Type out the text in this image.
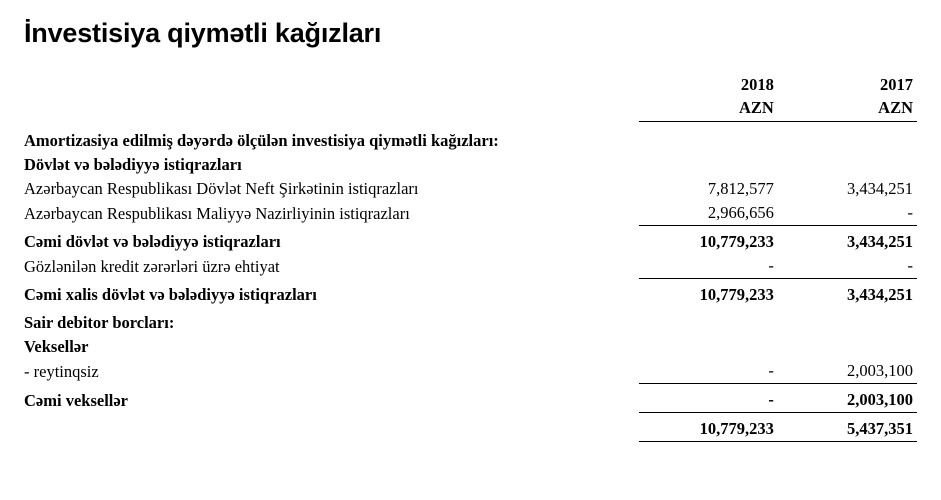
İnvestisiya qiymətli kağızları
	2018	2017
	AZN	AZN

Amortizasiya edilmiş dəyərdə ölçülən investisiya qiymətli kağızları:		
Dövlət və bələdiyyə istiqrazları		
Azərbaycan Respublikası Dövlət Neft Şirkətinin istiqrazları	7,812,577	3,434,251
Azərbaycan Respublikası Maliyyə Nazirliyinin istiqrazları	2,966,656	-

Cəmi dövlət və bələdiyyə istiqrazları	10,779,233	3,434,251
Gözlənilən kredit zərərləri üzrə ehtiyat	-	-

Cəmi xalis dövlət və bələdiyyə istiqrazları	10,779,233	3,434,251

Sair debitor borcları:		
Veksellər		
- reytinqsiz	-	2,003,100

Cəmi veksellər	-	2,003,100

	10,779,233	5,437,351
